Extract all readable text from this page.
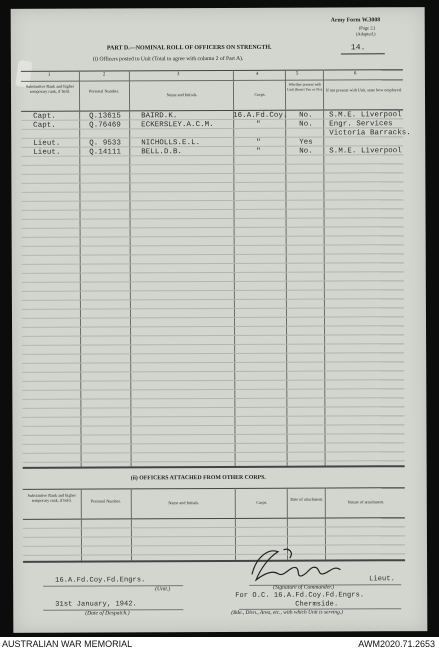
Army Form W.3008
(Page 2.)
(Adapted.)
PART D.—NOMINAL ROLL OF OFFICERS ON STRENGTH.	14.
(i) Officers posted to Unit (Total to agree with column 2 of Part A).
1	2	3	4	5	6
Substantive Rank and higher temporary rank, if held.	Personal Number.
Name and Initials.	Corps.
Whether present with Unit (Insert Yes or No). If not present with Unit, state how employed.
Capt.	Q.13615	BAIRD.K.	16.A.Fd.Coy. No. S.M.E. Liverpool
Capt.	Q.76469	ECKERSLEY.A.C.M.	"	No. Engr. Services
Victoria Barracks.
Lieut.	Q. 9533	NICHOLLS.E.L.	"	Yes
Lieut.	Q.14111	BELL.D.B.	"	No. S.M.E. Liverpool
(ii) OFFICERS ATTACHED FROM OTHER CORPS.
Substantive Rank and higher temporary rank, if held.	Personal Number.	Name and Initials.	Corps.
Date of attachment.
Nature of attachment.
16.A.Fd.Coy.Fd.Engrs.
(Unit.)
31st January, 1942.
(Date of Despatch.)
Lieut.
(Signature of Commander.)
For O.C. 16.A.Fd.Coy.Fd.Engrs.
Chermside.
(Bde., Divn., Area, etc., with which Unit is serving.)
AUSTRALIAN WAR MEMORIAL	AWM2020.71.2653
